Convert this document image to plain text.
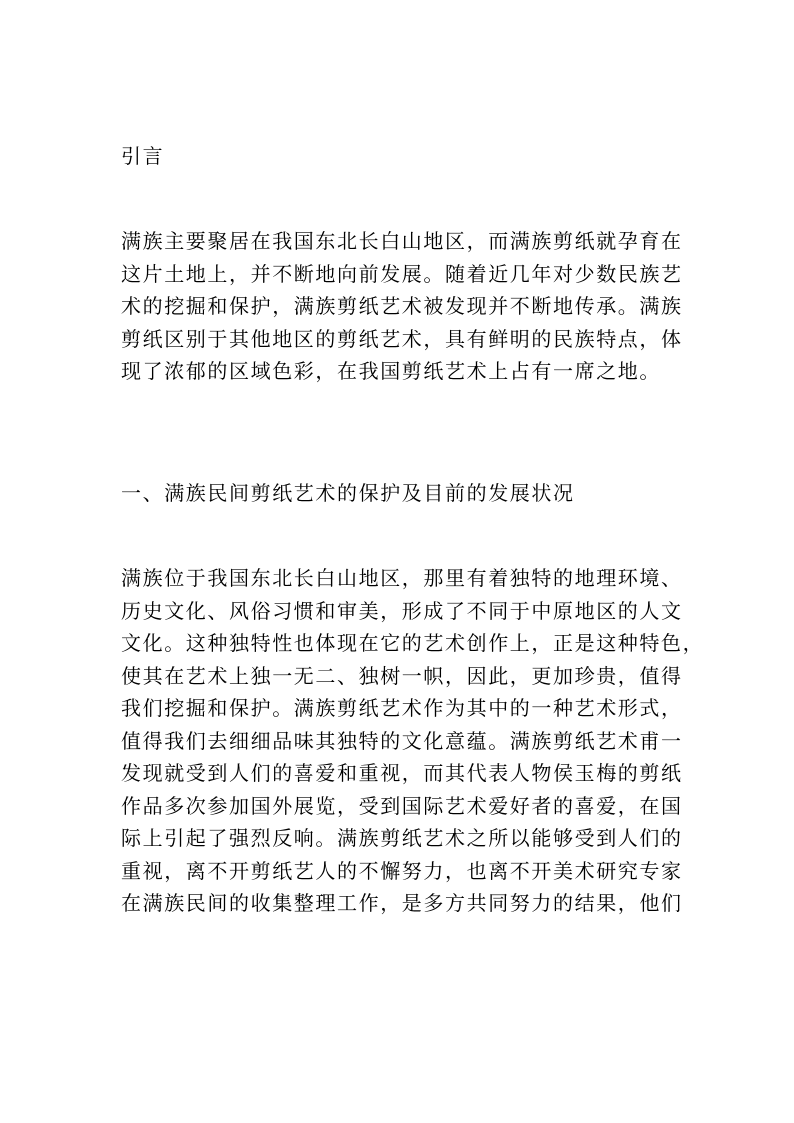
引言
满族主要聚居在我国东北长白山地区，而满族剪纸就孕育在
这片土地上，并不断地向前发展。随着近几年对少数民族艺
术的挖掘和保护，满族剪纸艺术被发现并不断地传承。满族
剪纸区别于其他地区的剪纸艺术，具有鲜明的民族特点，体
现了浓郁的区域色彩，在我国剪纸艺术上占有一席之地。
一、满族民间剪纸艺术的保护及目前的发展状况
满族位于我国东北长白山地区，那里有着独特的地理环境、
历史文化、风俗习惯和审美，形成了不同于中原地区的人文
文化。这种独特性也体现在它的艺术创作上，正是这种特色，
使其在艺术上独一无二、独树一帜，因此，更加珍贵，值得
我们挖掘和保护。满族剪纸艺术作为其中的一种艺术形式，
值得我们去细细品味其独特的文化意蕴。满族剪纸艺术甫一
发现就受到人们的喜爱和重视，而其代表人物侯玉梅的剪纸
作品多次参加国外展览，受到国际艺术爱好者的喜爱，在国
际上引起了强烈反响。满族剪纸艺术之所以能够受到人们的
重视，离不开剪纸艺人的不懈努力，也离不开美术研究专家
在满族民间的收集整理工作，是多方共同努力的结果，他们
